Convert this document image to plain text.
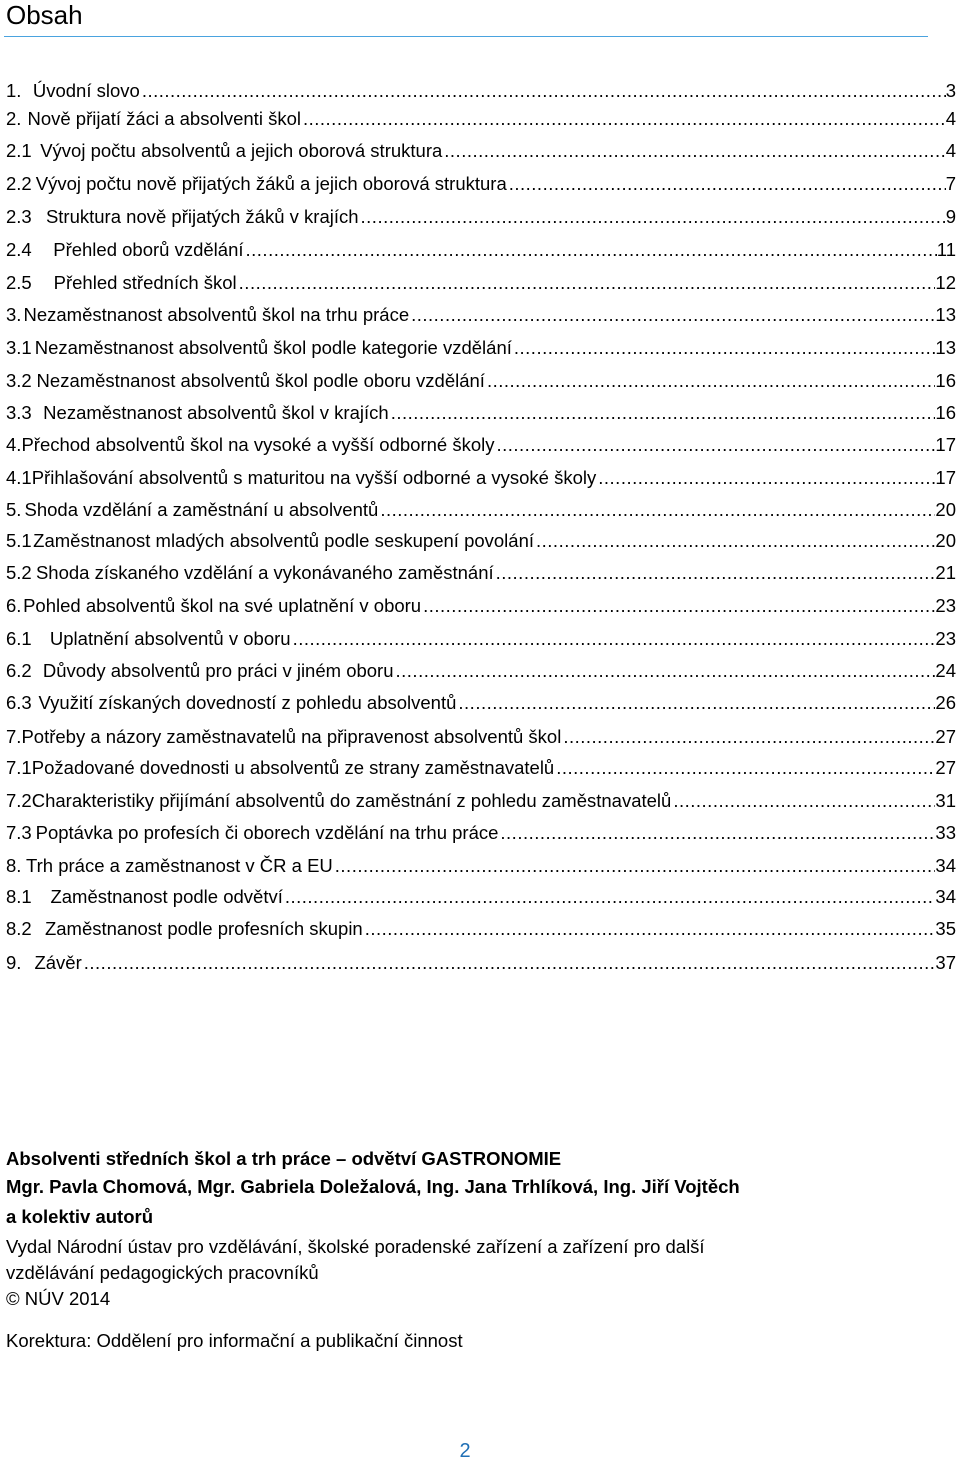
Obsah
1. Úvodní slovo .....	3
2. Nově přijatí žáci a absolventi škol .....	4
2.1 Vývoj počtu absolventů a jejich oborová struktura .....	4
2.2 Vývoj počtu nově přijatých žáků a jejich oborová struktura .....	7
2.3 Struktura nově přijatých žáků v krajích .....	9
2.4	Přehled oborů vzdělání .....	11
2.5	Přehled středních škol .....	12
3. Nezaměstnanost absolventů škol na trhu práce .....	13
3.1 Nezaměstnanost absolventů škol podle kategorie vzdělání .....	13
3.2 Nezaměstnanost absolventů škol podle oboru vzdělání .....	16
3.3 Nezaměstnanost absolventů škol v krajích .....	16
4. Přechod absolventů škol na vysoké a vyšší odborné školy .....	17
4.1 Přihlašování absolventů s maturitou na vyšší odborné a vysoké školy .....	17
5. Shoda vzdělání a zaměstnání u absolventů .....	20
5.1 Zaměstnanost mladých absolventů podle seskupení povolání .....	20
5.2 Shoda získaného vzdělání a vykonávaného zaměstnání .....	21
6. Pohled absolventů škol na své uplatnění v oboru .....	23
6.1 Uplatnění absolventů v oboru .....	23
6.2 Důvody absolventů pro práci v jiném oboru .....	24
6.3 Využití získaných dovedností z pohledu absolventů .....	26
7. Potřeby a názory zaměstnavatelů na připravenost absolventů škol .....	27
7.1 Požadované dovednosti u absolventů ze strany zaměstnavatelů .....	27
7.2 Charakteristiky přijímání absolventů do zaměstnání z pohledu zaměstnavatelů .....	31
7.3 Poptávka po profesích či oborech vzdělání na trhu práce .....	33
8. Trh práce a zaměstnanost v ČR a EU .....	34
8.1	Zaměstnanost podle odvětví .....	34
8.2 Zaměstnanost podle profesních skupin .....	35
9. Závěr .....	37
Absolventi středních škol a trh práce – odvětví GASTRONOMIE
Mgr. Pavla Chomová, Mgr. Gabriela Doležalová, Ing. Jana Trhlíková, Ing. Jiří Vojtěch
a kolektiv autorů
Vydal Národní ústav pro vzdělávání, školské poradenské zařízení a zařízení pro další
vzdělávání pedagogických pracovníků
© NÚV 2014
Korektura: Oddělení pro informační a publikační činnost
2
